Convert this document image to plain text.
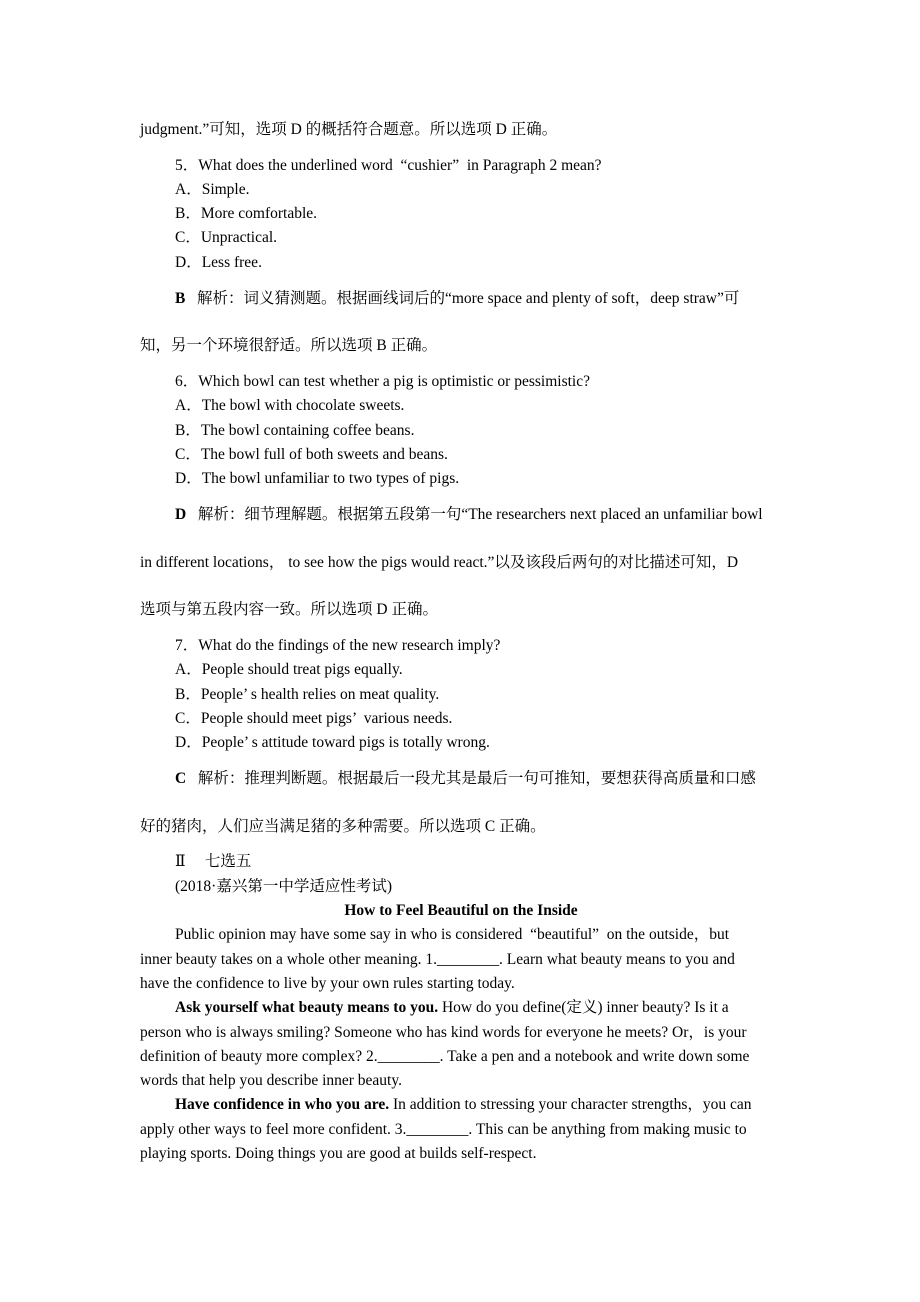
judgment.”可知，选项 D 的概括符合题意。所以选项 D 正确。
5．What does the underlined word  “cushier”  in Paragraph 2 mean?
A．Simple.
B．More comfortable.
C．Unpractical.
D．Less free.
B   解析：词义猜测题。根据画线词后的“more space and plenty of soft，deep straw”可
知，另一个环境很舒适。所以选项 B 正确。
6．Which bowl can test whether a pig is optimistic or pessimistic?
A．The bowl with chocolate sweets.
B．The bowl containing coffee beans.
C．The bowl full of both sweets and beans.
D．The bowl unfamiliar to two types of pigs.
D   解析：细节理解题。根据第五段第一句“The researchers next placed an unfamiliar bowl
in different locations， to see how the pigs would react.”以及该段后两句的对比描述可知，D
选项与第五段内容一致。所以选项 D 正确。
7．What do the findings of the new research imply?
A．People should treat pigs equally.
B．People’ s health relies on meat quality.
C．People should meet pigs’  various needs.
D．People’ s attitude toward pigs is totally wrong.
C   解析：推理判断题。根据最后一段尤其是最后一句可推知，要想获得高质量和口感
好的猪肉，人们应当满足猪的多种需要。所以选项 C 正确。
Ⅱ     七选五
(2018·嘉兴第一中学适应性考试)
How to Feel Beautiful on the Inside
Public opinion may have some say in who is considered  “beautiful”  on the outside，but
inner beauty takes on a whole other meaning. 1.________. Learn what beauty means to you and
have the confidence to live by your own rules starting today.
Ask yourself what beauty means to you. How do you define(定义) inner beauty? Is it a
person who is always smiling? Someone who has kind words for everyone he meets? Or，is your
definition of beauty more complex? 2.________. Take a pen and a notebook and write down some
words that help you describe inner beauty.
Have confidence in who you are. In addition to stressing your character strengths，you can
apply other ways to feel more confident. 3.________. This can be anything from making music to
playing sports. Doing things you are good at builds self-respect.
